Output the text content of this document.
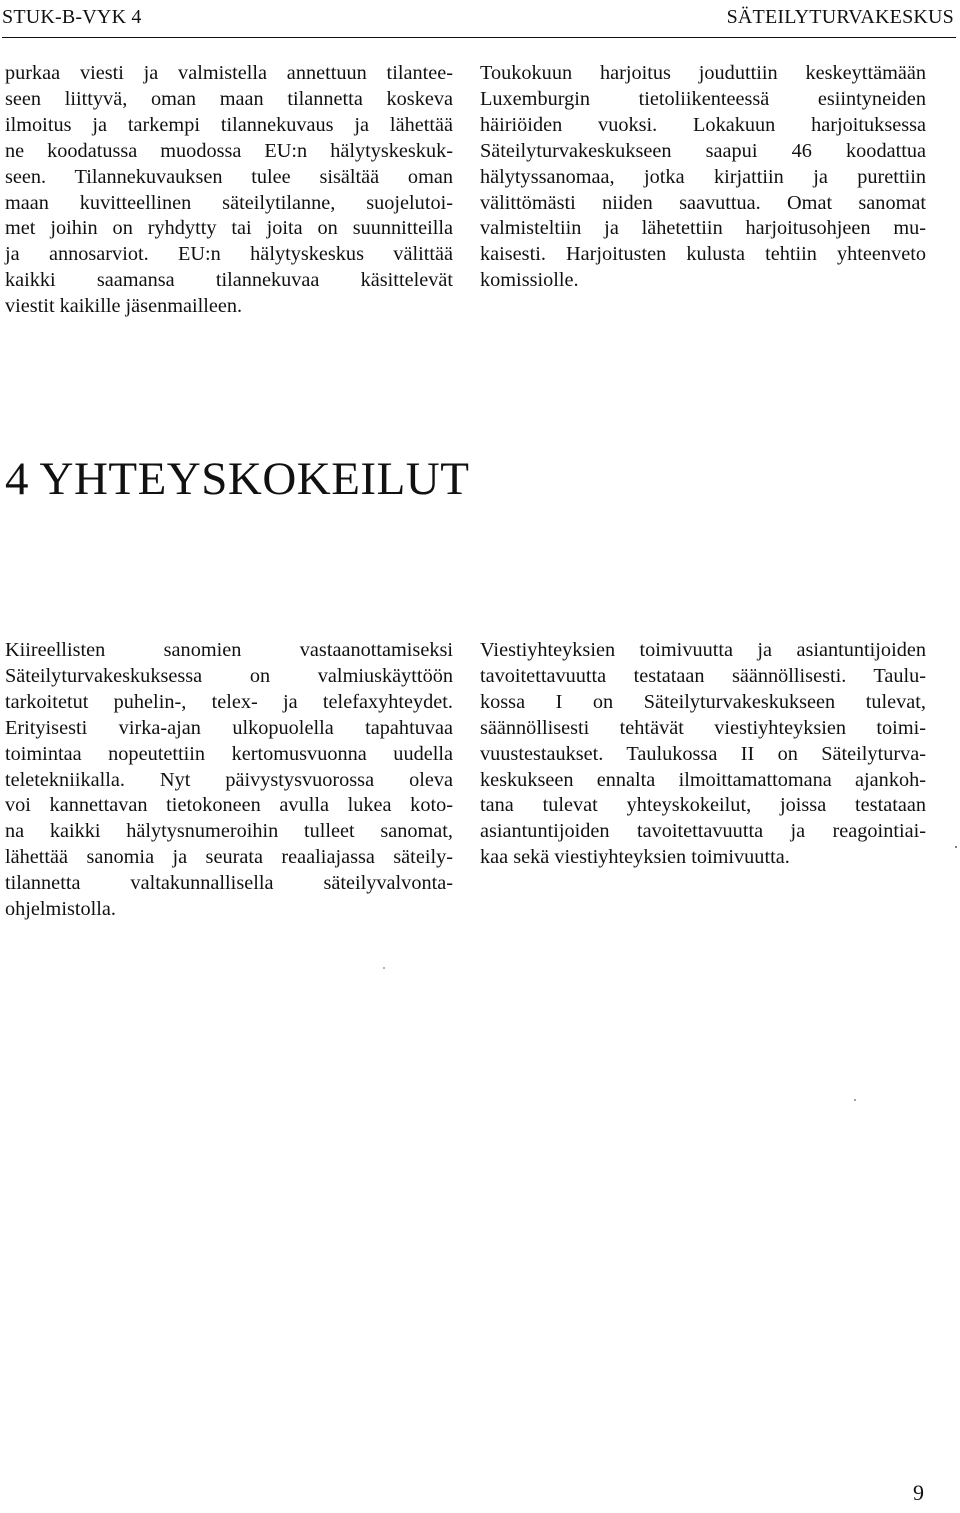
STUK-B-VYK 4	SÄTEILYTURVAKESKUS
purkaa viesti ja valmistella annettuun tilantee-
seen liittyvä, oman maan tilannetta koskeva
ilmoitus ja tarkempi tilannekuvaus ja lähettää
ne koodatussa muodossa EU:n hälytyskeskuk-
seen. Tilannekuvauksen tulee sisältää oman
maan kuvitteellinen säteilytilanne, suojelutoi-
met joihin on ryhdytty tai joita on suunnitteilla
ja annosarviot. EU:n hälytyskeskus välittää
kaikki saamansa tilannekuvaa käsittelevät
viestit kaikille jäsenmailleen.
Toukokuun harjoitus jouduttiin keskeyttämään
Luxemburgin tietoliikenteessä esiintyneiden
häiriöiden vuoksi. Lokakuun harjoituksessa
Säteilyturvakeskukseen saapui 46 koodattua
hälytyssanomaa, jotka kirjattiin ja purettiin
välittömästi niiden saavuttua. Omat sanomat
valmisteltiin ja lähetettiin harjoitusohjeen mu-
kaisesti. Harjoitusten kulusta tehtiin yhteenveto
komissiolle.
4 YHTEYSKOKEILUT
Kiireellisten sanomien vastaanottamiseksi
Säteilyturvakeskuksessa on valmiuskäyttöön
tarkoitetut puhelin-, telex- ja telefaxyhteydet.
Erityisesti virka-ajan ulkopuolella tapahtuvaa
toimintaa nopeutettiin kertomusvuonna uudella
teletekniikalla. Nyt päivystysvuorossa oleva
voi kannettavan tietokoneen avulla lukea koto-
na kaikki hälytysnumeroihin tulleet sanomat,
lähettää sanomia ja seurata reaaliajassa säteily-
tilannetta valtakunnallisella säteilyvalvonta-
ohjelmistolla.
Viestiyhteyksien toimivuutta ja asiantuntijoiden
tavoitettavuutta testataan säännöllisesti. Taulu-
kossa I on Säteilyturvakeskukseen tulevat,
säännöllisesti tehtävät viestiyhteyksien toimi-
vuustestaukset. Taulukossa II on Säteilyturva-
keskukseen ennalta ilmoittamattomana ajankoh-
tana tulevat yhteyskokeilut, joissa testataan
asiantuntijoiden tavoitettavuutta ja reagointiai-
kaa sekä viestiyhteyksien toimivuutta.
9
